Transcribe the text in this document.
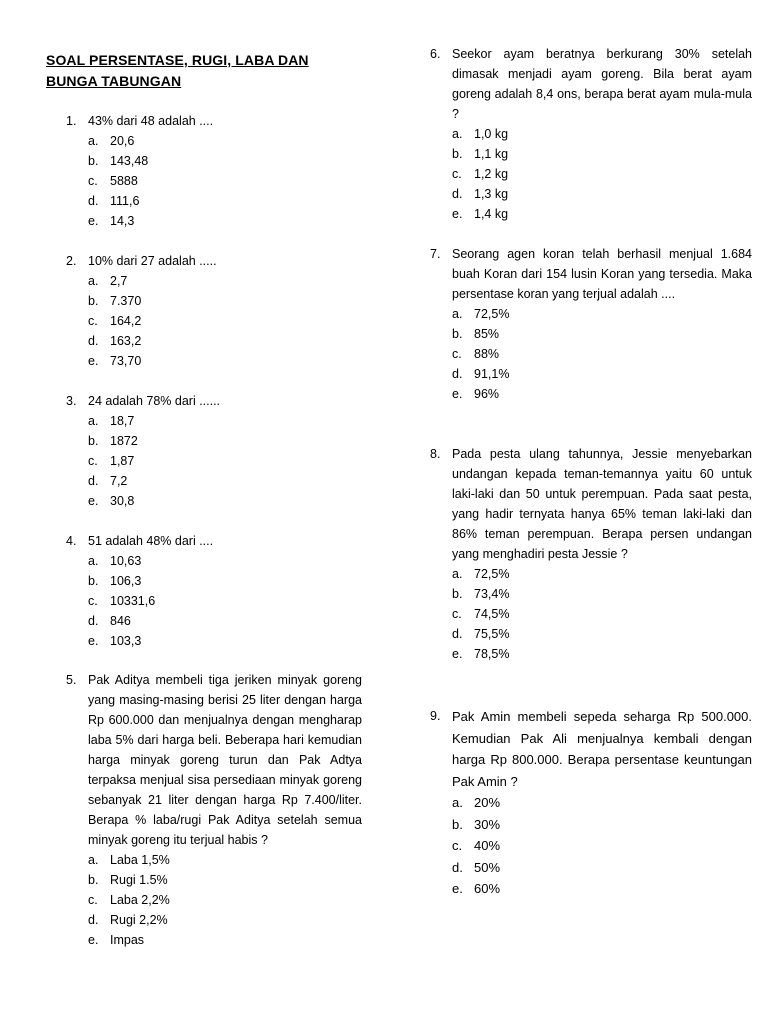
SOAL PERSENTASE, RUGI, LABA DAN BUNGA TABUNGAN
1. 43% dari 48 adalah ....
a. 20,6
b. 143,48
c. 5888
d. 111,6
e. 14,3
2. 10% dari 27 adalah .....
a. 2,7
b. 7.370
c. 164,2
d. 163,2
e. 73,70
3. 24 adalah 78% dari ......
a. 18,7
b. 1872
c. 1,87
d. 7,2
e. 30,8
4. 51 adalah 48% dari ....
a. 10,63
b. 106,3
c. 10331,6
d. 846
e. 103,3
5. Pak Aditya membeli tiga jeriken minyak goreng yang masing-masing berisi 25 liter dengan harga Rp 600.000 dan menjualnya dengan mengharap laba 5% dari harga beli. Beberapa hari kemudian harga minyak goreng turun dan Pak Adtya terpaksa menjual sisa persediaan minyak goreng sebanyak 21 liter dengan harga Rp 7.400/liter. Berapa % laba/rugi Pak Aditya setelah semua minyak goreng itu terjual habis ?
a. Laba 1,5%
b. Rugi 1.5%
c. Laba 2,2%
d. Rugi 2,2%
e. Impas
6. Seekor ayam beratnya berkurang 30% setelah dimasak menjadi ayam goreng. Bila berat ayam goreng adalah 8,4 ons, berapa berat ayam mula-mula ?
a. 1,0 kg
b. 1,1 kg
c. 1,2 kg
d. 1,3 kg
e. 1,4 kg
7. Seorang agen koran telah berhasil menjual 1.684 buah Koran dari 154 lusin Koran yang tersedia. Maka persentase koran yang terjual adalah ....
a. 72,5%
b. 85%
c. 88%
d. 91,1%
e. 96%
8. Pada pesta ulang tahunnya, Jessie menyebarkan undangan kepada teman-temannya yaitu 60 untuk laki-laki dan 50 untuk perempuan. Pada saat pesta, yang hadir ternyata hanya 65% teman laki-laki dan 86% teman perempuan. Berapa persen undangan yang menghadiri pesta Jessie ?
a. 72,5%
b. 73,4%
c. 74,5%
d. 75,5%
e. 78,5%
9. Pak Amin membeli sepeda seharga Rp 500.000. Kemudian Pak Ali menjualnya kembali dengan harga Rp 800.000. Berapa persentase keuntungan Pak Amin ?
a. 20%
b. 30%
c. 40%
d. 50%
e. 60%
